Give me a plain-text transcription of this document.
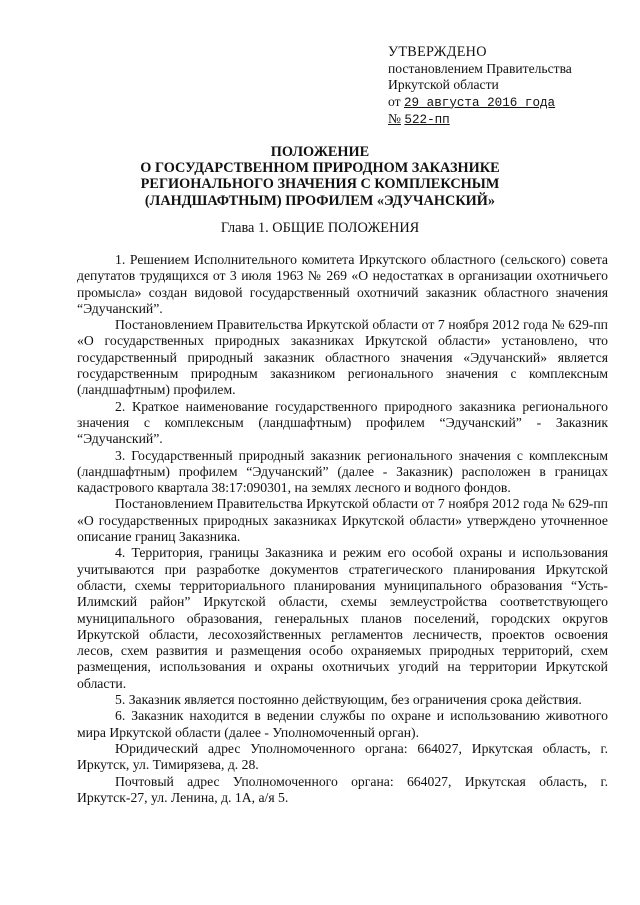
УТВЕРЖДЕНО
постановлением Правительства
Иркутской области
от 29 августа 2016 года
№ 522-пп
ПОЛОЖЕНИЕ
О ГОСУДАРСТВЕННОМ ПРИРОДНОМ ЗАКАЗНИКЕ
РЕГИОНАЛЬНОГО ЗНАЧЕНИЯ С КОМПЛЕКСНЫМ
(ЛАНДШАФТНЫМ) ПРОФИЛЕМ «ЭДУЧАНСКИЙ»
Глава 1. ОБЩИЕ ПОЛОЖЕНИЯ

1. Решением Исполнительного комитета Иркутского областного (сельского) совета депутатов трудящихся от 3 июля 1963 № 269 «О недостатках в организации охотничьего промысла» создан видовой государственный охотничий заказник областного значения “Эдучанский”.

Постановлением Правительства Иркутской области от 7 ноября 2012 года № 629-пп «О государственных природных заказниках Иркутской области» установлено, что государственный природный заказник областного значения «Эдучанский» является государственным природным заказником регионального значения с комплексным (ландшафтным) профилем.

2. Краткое наименование государственного природного заказника регионального значения с комплексным (ландшафтным) профилем “Эдучанский” - Заказник “Эдучанский”.

3. Государственный природный заказник регионального значения с комплексным (ландшафтным) профилем “Эдучанский” (далее - Заказник) расположен в границах кадастрового квартала 38:17:090301, на землях лесного и водного фондов.

Постановлением Правительства Иркутской области от 7 ноября 2012 года № 629-пп «О государственных природных заказниках Иркутской области» утверждено уточненное описание границ Заказника.

4. Территория, границы Заказника и режим его особой охраны и использования учитываются при разработке документов стратегического планирования Иркутской области, схемы территориального планирования муниципального образования “Усть-Илимский район” Иркутской области, схемы землеустройства соответствующего муниципального образования, генеральных планов поселений, городских округов Иркутской области, лесохозяйственных регламентов лесничеств, проектов освоения лесов, схем развития и размещения особо охраняемых природных территорий, схем размещения, использования и охраны охотничьих угодий на территории Иркутской области.

5. Заказник является постоянно действующим, без ограничения срока действия.

6. Заказник находится в ведении службы по охране и использованию животного мира Иркутской области (далее - Уполномоченный орган).

Юридический адрес Уполномоченного органа: 664027, Иркутская область, г. Иркутск, ул. Тимирязева, д. 28.

Почтовый адрес Уполномоченного органа: 664027, Иркутская область, г. Иркутск-27, ул. Ленина, д. 1А, а/я 5.
